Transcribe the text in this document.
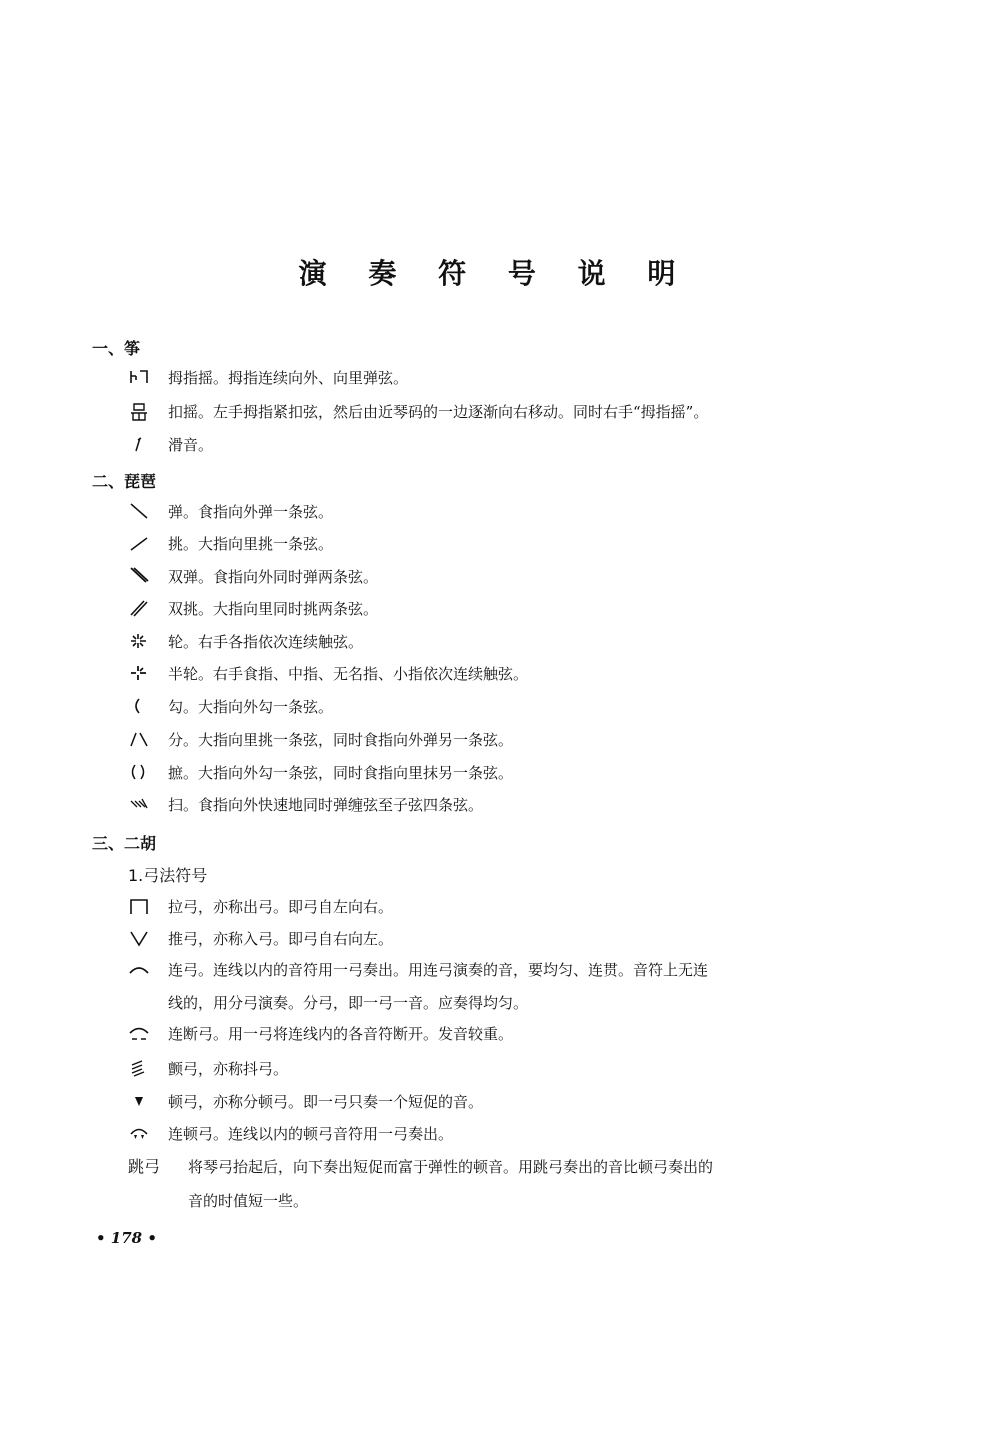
演 奏 符 号 说 明
一、筝
拇指摇。拇指连续向外、向里弹弦。
扣摇。左手拇指紧扣弦，然后由近琴码的一边逐渐向右移动。同时右手“拇指摇”。
滑音。
二、琵琶
弹。食指向外弹一条弦。
挑。大指向里挑一条弦。
双弹。食指向外同时弹两条弦。
双挑。大指向里同时挑两条弦。
轮。右手各指依次连续触弦。
半轮。右手食指、中指、无名指、小指依次连续触弦。
勾。大指向外勾一条弦。
分。大指向里挑一条弦，同时食指向外弹另一条弦。
摭。大指向外勾一条弦，同时食指向里抹另一条弦。
扫。食指向外快速地同时弹缠弦至子弦四条弦。
三、二胡
1.弓法符号
拉弓，亦称出弓。即弓自左向右。
推弓，亦称入弓。即弓自右向左。
连弓。连线以内的音符用一弓奏出。用连弓演奏的音，要均匀、连贯。音符上无连
线的，用分弓演奏。分弓，即一弓一音。应奏得均匀。
连断弓。用一弓将连线内的各音符断开。发音较重。
颤弓，亦称抖弓。
顿弓，亦称分顿弓。即一弓只奏一个短促的音。
连顿弓。连线以内的顿弓音符用一弓奏出。
跳弓 将琴弓抬起后，向下奏出短促而富于弹性的顿音。用跳弓奏出的音比顿弓奏出的
音的时值短一些。
• 178 •
